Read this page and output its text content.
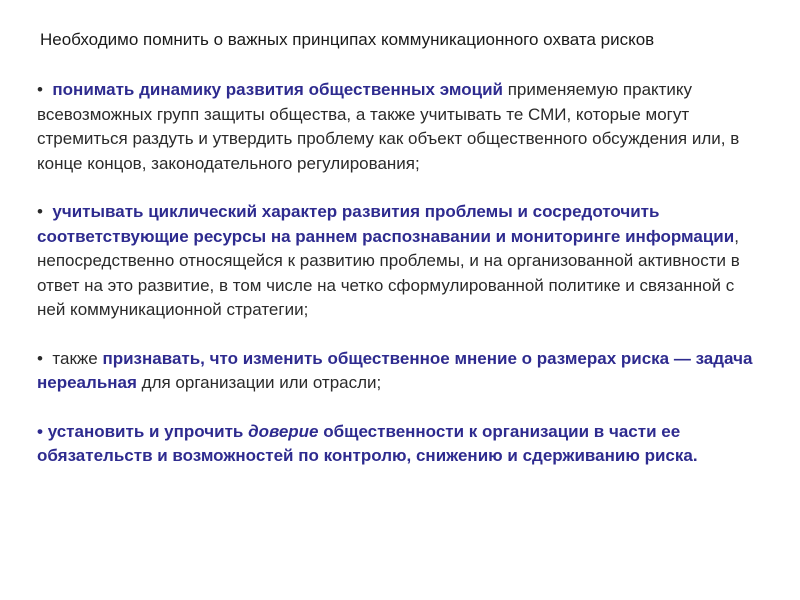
Необходимо помнить о важных принципах коммуникационного охвата рисков

• понимать динамику развития общественных эмоций применяемую практику всевозможных групп защиты общества, а также учитывать те СМИ, которые могут стремиться раздуть и утвердить проблему как объект общественного обсуждения или, в конце концов, законодательного регулирования;

• учитывать циклический характер развития проблемы и сосредоточить соответствующие ресурсы на раннем распознавании и мониторинге информации, непосредственно относящейся к развитию проблемы, и на организованной активности в ответ на это развитие, в том числе на четко сформулированной политике и связанной с ней коммуникационной стратегии;

• также признавать, что изменить общественное мнение о размерах риска — задача нереальная для организации или отрасли;

• установить и упрочить доверие общественности к организации в части ее обязательств и возможностей по контролю, снижению и сдерживанию риска.
